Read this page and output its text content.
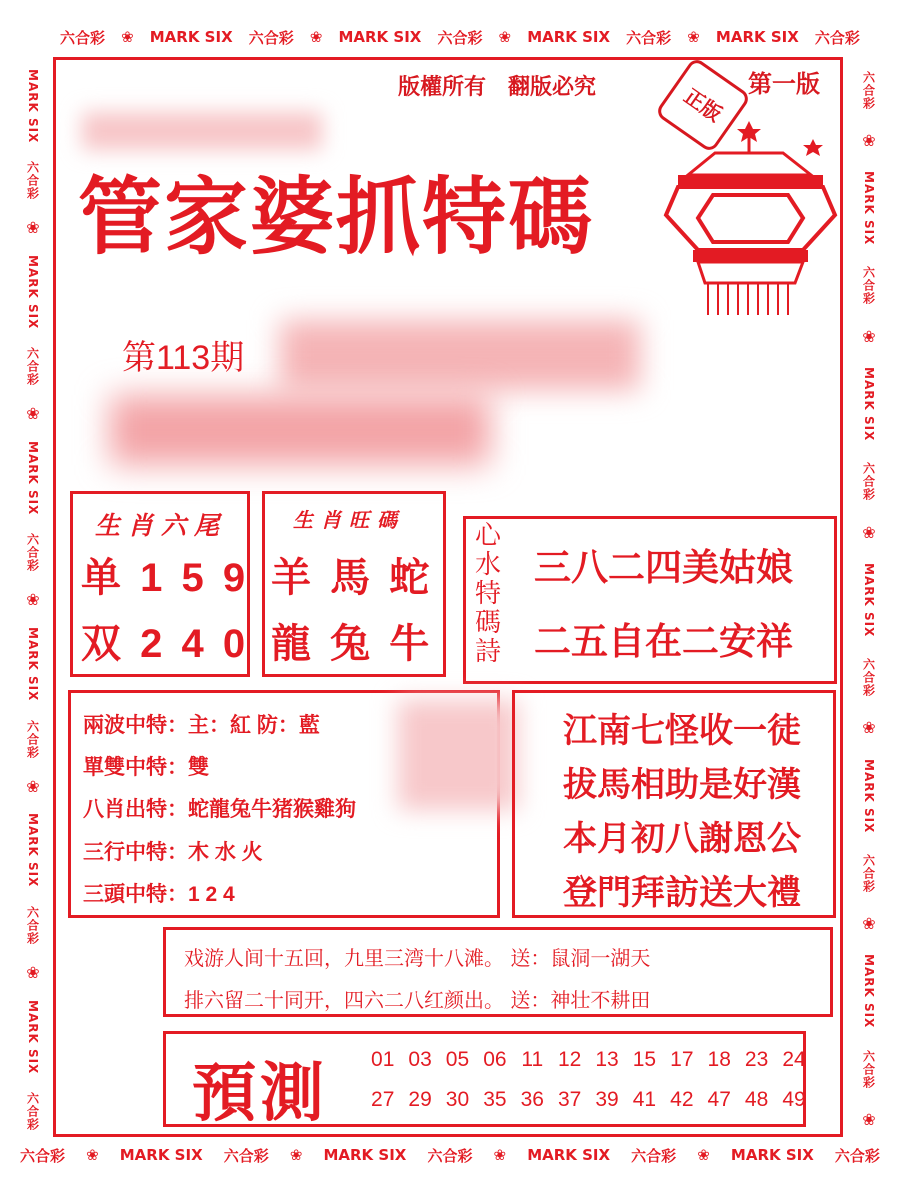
六合彩 ❀ MARK SIX 六合彩 ❀ MARK SIX 六合彩 ❀ MARK SIX 六合彩 ❀ MARK SIX 六合彩
六合彩 ❀ MARK SIX 六合彩 ❀ MARK SIX 六合彩 ❀ MARK SIX 六合彩 ❀ MARK SIX 六合彩
MARK SIX
六合彩
❀
MARK SIX
六合彩
❀
MARK SIX
六合彩
❀
MARK SIX
六合彩
❀
MARK SIX
六合彩
❀
MARK SIX
六合彩
六合彩
❀
MARK SIX
六合彩
❀
MARK SIX
六合彩
❀
MARK SIX
六合彩
❀
MARK SIX
六合彩
❀
MARK SIX
六合彩
❀
版權所有　翻版必究	正版
第一版
管家婆抓特碼
第113期
生肖六尾
单 1 5 9
双 2 4 0
生肖旺碼
羊 馬 蛇
龍 兔 牛
心水特碼詩
三八二四美姑娘
二五自在二安祥
兩波中特：主：紅 防：藍
單雙中特：雙
八肖出特：蛇龍兔牛猪猴雞狗
三行中特：木 水 火
三頭中特：1 2 4
江南七怪收一徒
拔馬相助是好漢
本月初八謝恩公
登門拜訪送大禮
戏游人间十五回，九里三湾十八滩。 送：鼠洞一湖天
排六留二十同开，四六二八红颜出。 送：神壮不耕田
預測	01 03 05 06 11 12 13 15 17 18 23 24
27 29 30 35 36 37 39 41 42 47 48 49
